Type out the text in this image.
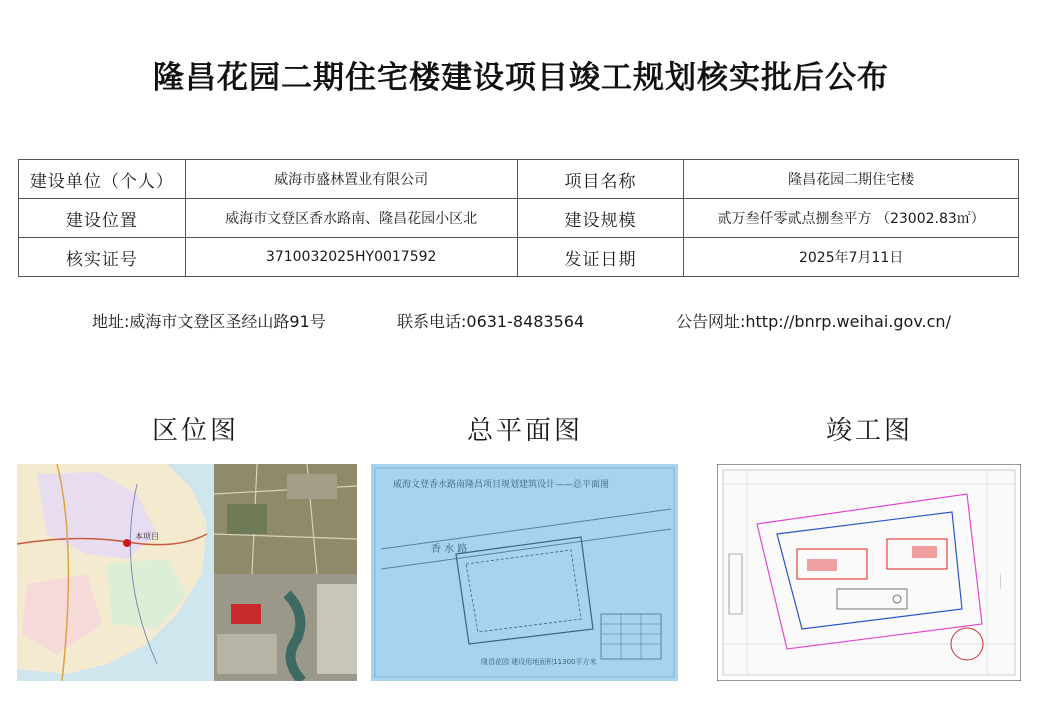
隆昌花园二期住宅楼建设项目竣工规划核实批后公布
建设单位（个人）	威海市盛林置业有限公司	项目名称	隆昌花园二期住宅楼
建设位置	威海市文登区香水路南、隆昌花园小区北	建设规模	贰万叁仟零贰点捌叁平方 （23002.83㎡）
核实证号	3710032025HY0017592	发证日期	2025年7月11日
地址:威海市文登区圣经山路91号	联系电话:0631-8483564	公告网址:http://bnrp.weihai.gov.cn/
区位图	总平面图	竣工图
本项目
威海文登香水路南隆昌项目规划建筑设计——总平面图
香 水 路
隆昌花园 建设用地面积11300平方米
………
